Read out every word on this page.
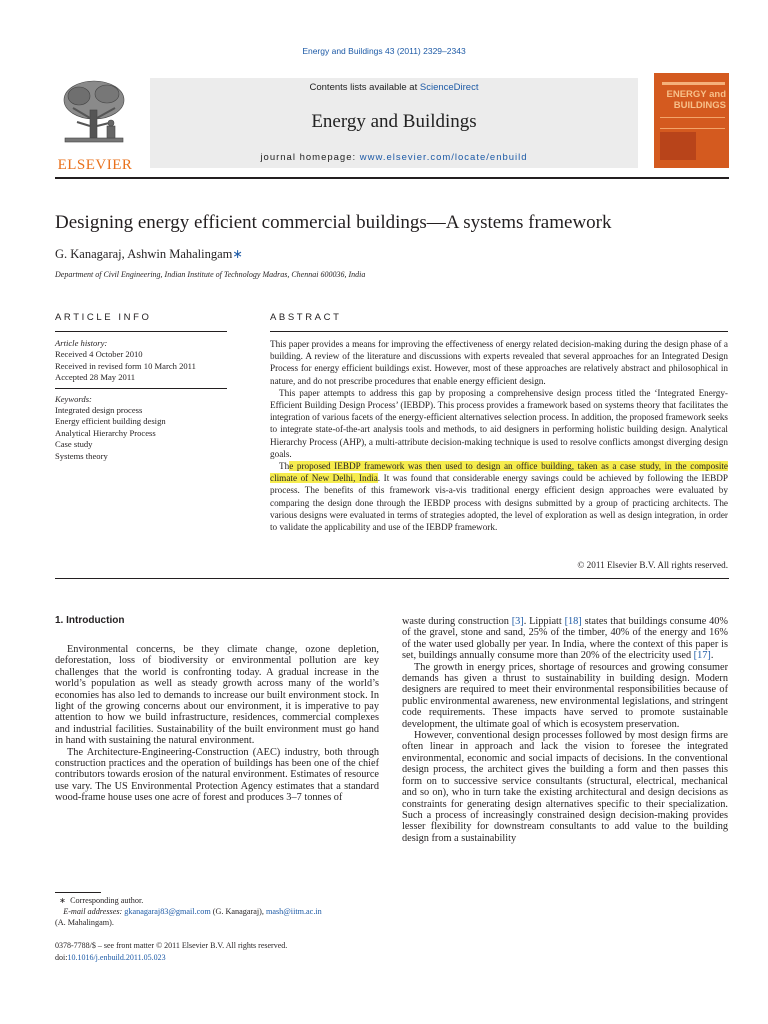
Energy and Buildings 43 (2011) 2329–2343
ELSEVIER
Contents lists available at ScienceDirect
Energy and Buildings
journal homepage: www.elsevier.com/locate/enbuild
ENERGY and BUILDINGS
Designing energy efficient commercial buildings—A systems framework
G. Kanagaraj, Ashwin Mahalingam∗
Department of Civil Engineering, Indian Institute of Technology Madras, Chennai 600036, India
ARTICLE INFO	ABSTRACT
Article history:
Received 4 October 2010
Received in revised form 10 March 2011
Accepted 28 May 2011
Keywords:
Integrated design process
Energy efficient building design
Analytical Hierarchy Process
Case study
Systems theory

This paper provides a means for improving the effectiveness of energy related decision-making during the design phase of a building. A review of the literature and discussions with experts revealed that several approaches for an Integrated Design Process for energy efficient buildings exist. However, most of these approaches are relatively abstract and philosophical in nature, and do not prescribe procedures that enable energy efficient design.

This paper attempts to address this gap by proposing a comprehensive design process titled the ‘Integrated Energy-Efficient Building Design Process’ (IEBDP). This process provides a framework based on systems theory that facilitates the integration of various facets of the energy-efficient alternatives selection process. In addition, the proposed framework seeks to integrate state-of-the-art analysis tools and methods, to aid designers in performing holistic building design. Analytical Hierarchy Process (AHP), a multi-attribute decision-making technique is used to resolve conflicts amongst diverging design goals.

The proposed IEBDP framework was then used to design an office building, taken as a case study, in the composite climate of New Delhi, India. It was found that considerable energy savings could be achieved by following the IEBDP process. The benefits of this framework vis-a-vis traditional energy efficient design approaches were evaluated by comparing the design done through the IEBDP process with designs submitted by a group of practicing architects. The various designs were evaluated in terms of strategies adopted, the level of exploration as well as design integration, in order to validate the applicability and use of the IEBDP framework.

© 2011 Elsevier B.V. All rights reserved.
1. Introduction

Environmental concerns, be they climate change, ozone depletion, deforestation, loss of biodiversity or environmental pollution are key challenges that the world is confronting today. A gradual increase in the world’s population as well as steady growth across many of the world’s economies has also led to demands to increase our built environment stock. In light of the growing concerns about our environment, it is imperative to pay attention to how we build infrastructure, residences, commercial complexes and industrial facilities. Sustainability of the built environment must go hand in hand with sustaining the natural environment.

The Architecture-Engineering-Construction (AEC) industry, both through construction practices and the operation of buildings has been one of the chief contributors towards erosion of the natural environment. Estimates of resource use vary. The US Environmental Protection Agency estimates that a standard wood-frame house uses one acre of forest and produces 3–7 tonnes of

waste during construction [3]. Lippiatt [18] states that buildings consume 40% of the gravel, stone and sand, 25% of the timber, 40% of the energy and 16% of the water used globally per year. In India, where the context of this paper is set, buildings annually consume more than 20% of the electricity used [17].

The growth in energy prices, shortage of resources and growing consumer demands has given a thrust to sustainability in building design. Modern designers are required to meet their environmental responsibilities because of public environmental awareness, new environmental legislations, and stringent code requirements. These impacts have served to promote sustainable development, the ultimate goal of which is ecosystem preservation.

However, conventional design processes followed by most design firms are often linear in approach and lack the vision to foresee the integrated environmental, economic and social impacts of decisions. In the conventional design process, the architect gives the building a form and then passes this form on to successive service consultants (structural, electrical, mechanical and so on), who in turn take the existing architectural and design decisions as constraints for generating design alternatives specific to their specialization. Such a process of increasingly constrained design decision-making provides lesser flexibility for downstream consultants to add value to the building design from a sustainability

∗ Corresponding author.
E-mail addresses: gkanagaraj83@gmail.com (G. Kanagaraj), mash@iitm.ac.in
(A. Mahalingam).
0378-7788/$ – see front matter © 2011 Elsevier B.V. All rights reserved.
doi:10.1016/j.enbuild.2011.05.023
